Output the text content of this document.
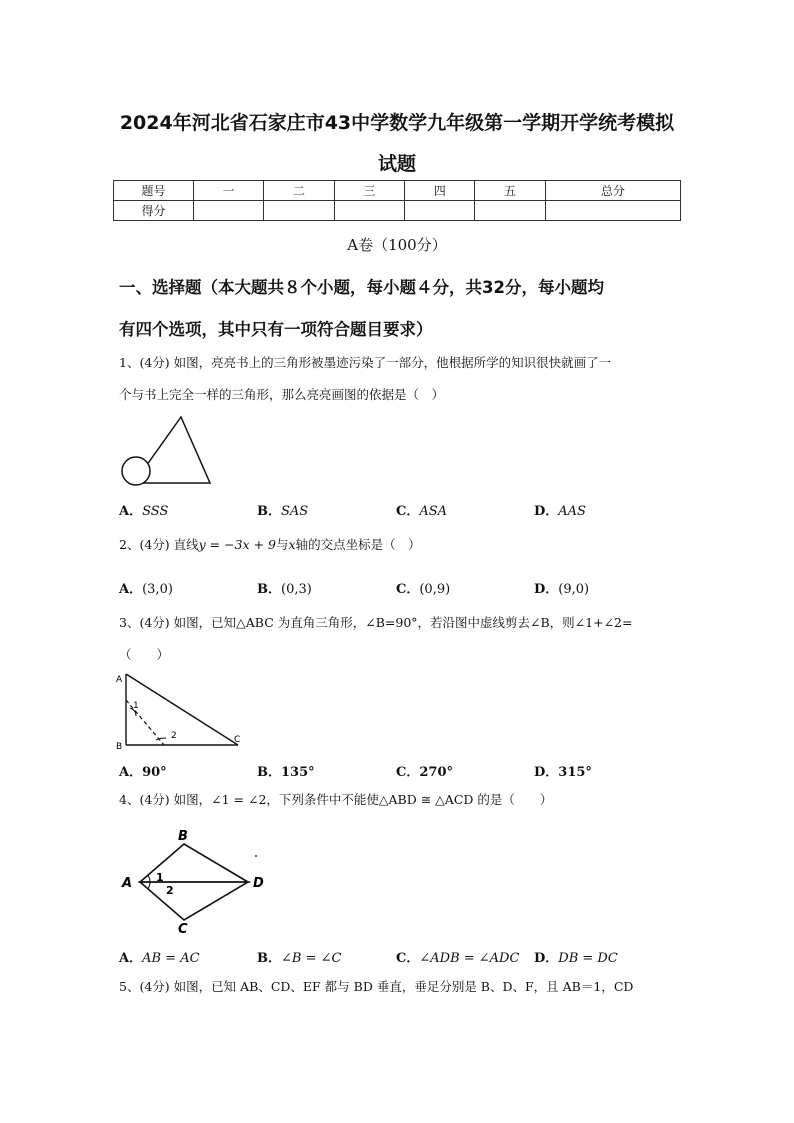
2024年河北省石家庄市43中学数学九年级第一学期开学统考模拟
试题
题号	一	二	三	四	五	总分
得分						
A卷（100分）
一、选择题（本大题共８个小题，每小题４分，共32分，每小题均
有四个选项，其中只有一项符合题目要求）
1、(4分) 如图，亮亮书上的三角形被墨迹污染了一部分，他根据所学的知识很快就画了一
个与书上完全一样的三角形，那么亮亮画图的依据是（　）
A．SSS	B．SAS	C．ASA	D．AAS
2、(4分) 直线y = −3x + 9与x轴的交点坐标是（　）
A．(3,0)	B．(0,3)	C．(0,9)	D．(9,0)
3、(4分) 如图，已知△ABC 为直角三角形，∠B=90°，若沿图中虚线剪去∠B，则∠1+∠2=
（　　）
A
B
C
1
2
A．90°	B．135°	C．270°	D．315°
4、(4分) 如图，∠1 = ∠2，下列条件中不能使△ABD ≅ △ACD 的是（　　）
A
B
C
D
1
2
A．AB = AC	B．∠B = ∠C	C．∠ADB = ∠ADC D．DB = DC
5、(4分) 如图，已知 AB、CD、EF 都与 BD 垂直，垂足分别是 B、D、F，且 AB＝1，CD
